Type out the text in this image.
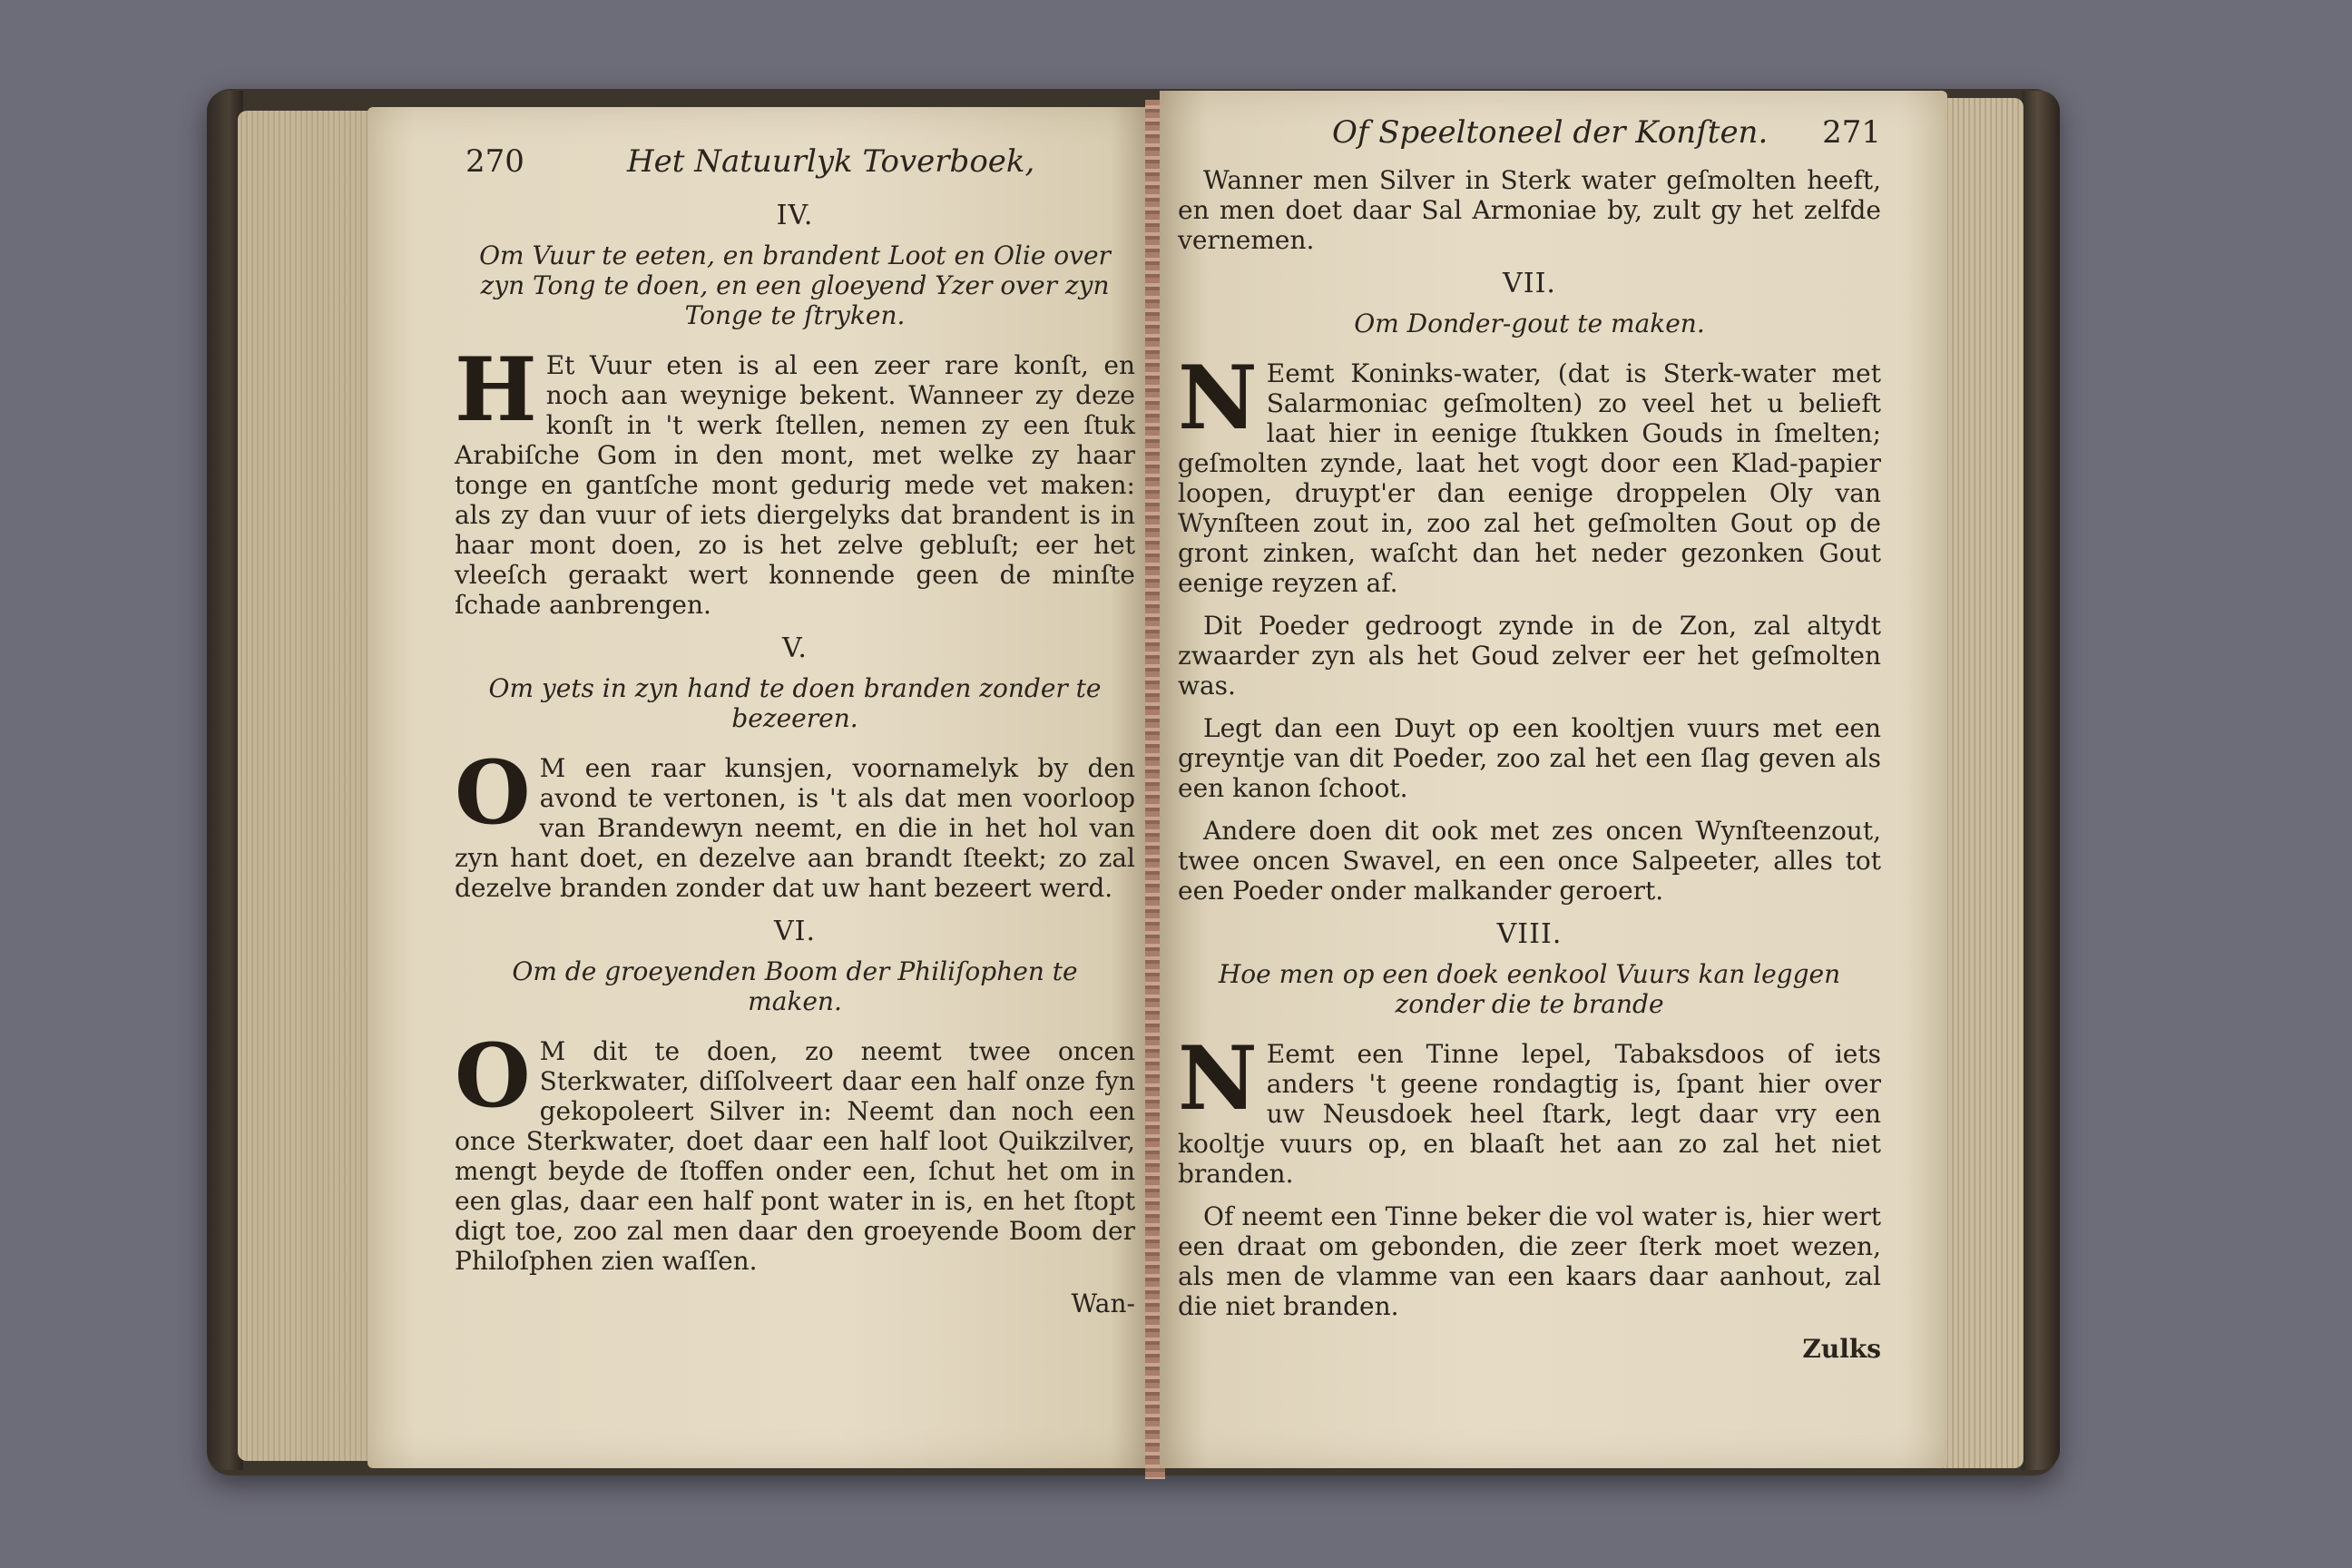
270	Het Natuurlyk Toverboek,
IV.
Om Vuur te eeten, en brandent Loot en Olie over zyn Tong te doen, en een gloeyend Yzer over zyn Tonge te ſtryken.

H Et Vuur eten is al een zeer rare konſt, en noch aan weynige bekent. Wanneer zy deze konſt in 't werk ſtellen, nemen zy een ſtuk Arabiſche Gom in den mont, met welke zy haar tonge en gantſche mont gedurig mede vet maken: als zy dan vuur of iets diergelyks dat brandent is in haar mont doen, zo is het zelve gebluſt; eer het vleeſch geraakt wert konnende geen de minſte ſchade aanbrengen.

V.
Om yets in zyn hand te doen branden zonder te bezeeren.

O M een raar kunsjen, voornamelyk by den avond te vertonen, is 't als dat men voorloop van Brandewyn neemt, en die in het hol van zyn hant doet, en dezelve aan brandt ſteekt; zo zal dezelve branden zonder dat uw hant bezeert werd.

VI.
Om de groeyenden Boom der Philiſophen te maken.

O M dit te doen, zo neemt twee oncen Sterkwater, diſſolveert daar een half onze fyn gekopoleert Silver in: Neemt dan noch een once Sterkwater, doet daar een half loot Quikzilver, mengt beyde de ſtoffen onder een, ſchut het om in een glas, daar een half pont water in is, en het ſtopt digt toe, zoo zal men daar den groeyende Boom der Philoſphen zien waſſen.

Wan-
Of Speeltoneel der Konſten. 271

Wanner men Silver in Sterk water geſmolten heeft, en men doet daar Sal Armoniae by, zult gy het zelfde vernemen.

VII.
Om Donder-gout te maken.

N Eemt Koninks-water, (dat is Sterk-water met Salarmoniac geſmolten) zo veel het u belieft laat hier in eenige ſtukken Gouds in ſmelten; geſmolten zynde, laat het vogt door een Klad-papier loopen, druypt'er dan eenige droppelen Oly van Wynſteen zout in, zoo zal het geſmolten Gout op de gront zinken, waſcht dan het neder gezonken Gout eenige reyzen af.

Dit Poeder gedroogt zynde in de Zon, zal altydt zwaarder zyn als het Goud zelver eer het geſmolten was.

Legt dan een Duyt op een kooltjen vuurs met een greyntje van dit Poeder, zoo zal het een ſlag geven als een kanon ſchoot.

Andere doen dit ook met zes oncen Wynſteenzout, twee oncen Swavel, en een once Salpeeter, alles tot een Poeder onder malkander geroert.

VIII.
Hoe men op een doek eenkool Vuurs kan leggen zonder die te brande

N Eemt een Tinne lepel, Tabaksdoos of iets anders 't geene rondagtig is, ſpant hier over uw Neusdoek heel ſtark, legt daar vry een kooltje vuurs op, en blaaſt het aan zo zal het niet branden.

Of neemt een Tinne beker die vol water is, hier wert een draat om gebonden, die zeer ſterk moet wezen, als men de vlamme van een kaars daar aanhout, zal die niet branden.

Zulks
